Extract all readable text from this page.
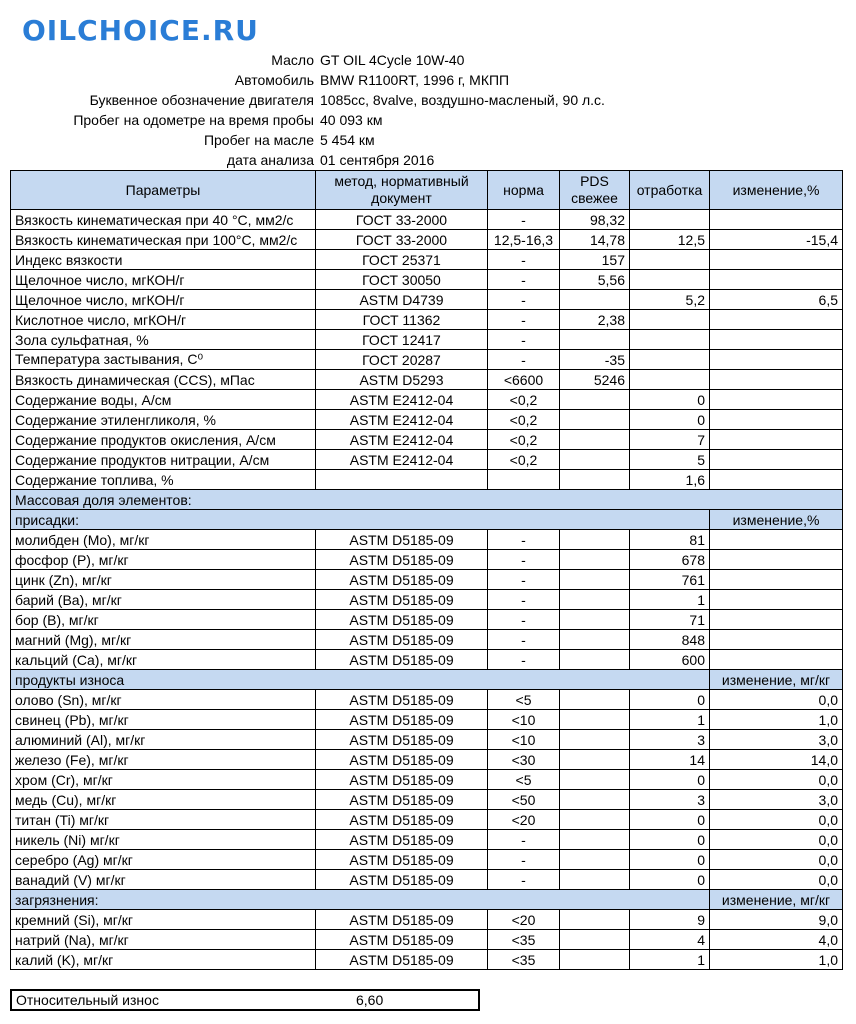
OILCHOICE.RU
Масло GT OIL 4Cycle 10W-40
Автомобиль BMW R1100RT, 1996 г, МКПП
Буквенное обозначение двигателя 1085cc, 8valve, воздушно-масленый, 90 л.с.
Пробег на одометре на время пробы 40 093 км
Пробег на масле 5 454 км
дата анализа 01 сентября 2016
Параметры	метод, нормативный документ	норма	PDS свежее	отработка	изменение,%
Вязкость кинематическая при 40 °С, мм2/с	ГОСТ 33-2000	-	98,32		
Вязкость кинематическая при 100°С, мм2/с	ГОСТ 33-2000	12,5-16,3	14,78	12,5	-15,4
Индекс вязкости	ГОСТ 25371	-	157		
Щелочное число, мгКОН/г	ГОСТ 30050	-	5,56		
Щелочное число, мгКОН/г	ASTM D4739	-		5,2	6,5
Кислотное число, мгКОН/г	ГОСТ 11362	-	2,38		
Зола сульфатная, %	ГОСТ 12417	-			
Температура застывания, С⁰	ГОСТ 20287	-	-35		
Вязкость динамическая (CCS), мПас	ASTM D5293	<6600	5246		
Содержание воды, А/см	ASTM E2412-04	<0,2		0	
Содержание этиленгликоля, %	ASTM E2412-04	<0,2		0	
Содержание продуктов окисления, А/см	ASTM E2412-04	<0,2		7	
Содержание продуктов нитрации, А/см	ASTM E2412-04	<0,2		5	
Содержание топлива, %				1,6	
Массовая доля элементов:					
присадки:					изменение,%
молибден (Mo), мг/кг	ASTM D5185-09	-		81	
фосфор (P), мг/кг	ASTM D5185-09	-		678	
цинк (Zn), мг/кг	ASTM D5185-09	-		761	
барий (Ba), мг/кг	ASTM D5185-09	-		1	
бор (B), мг/кг	ASTM D5185-09	-		71	
магний (Mg), мг/кг	ASTM D5185-09	-		848	
кальций (Ca), мг/кг	ASTM D5185-09	-		600	
продукты износа					изменение, мг/кг
олово (Sn), мг/кг	ASTM D5185-09	<5		0	0,0
свинец (Pb), мг/кг	ASTM D5185-09	<10		1	1,0
алюминий (Al), мг/кг	ASTM D5185-09	<10		3	3,0
железо (Fe), мг/кг	ASTM D5185-09	<30		14	14,0
хром (Cr), мг/кг	ASTM D5185-09	<5		0	0,0
медь (Cu), мг/кг	ASTM D5185-09	<50		3	3,0
титан (Ti) мг/кг	ASTM D5185-09	<20		0	0,0
никель (Ni) мг/кг	ASTM D5185-09	-		0	0,0
серебро (Ag) мг/кг	ASTM D5185-09	-		0	0,0
ванадий (V) мг/кг	ASTM D5185-09	-		0	0,0
загрязнения:					изменение, мг/кг
кремний (Si), мг/кг	ASTM D5185-09	<20		9	9,0
натрий (Na), мг/кг	ASTM D5185-09	<35		4	4,0
калий (K), мг/кг	ASTM D5185-09	<35		1	1,0
Относительный износ	6,60
